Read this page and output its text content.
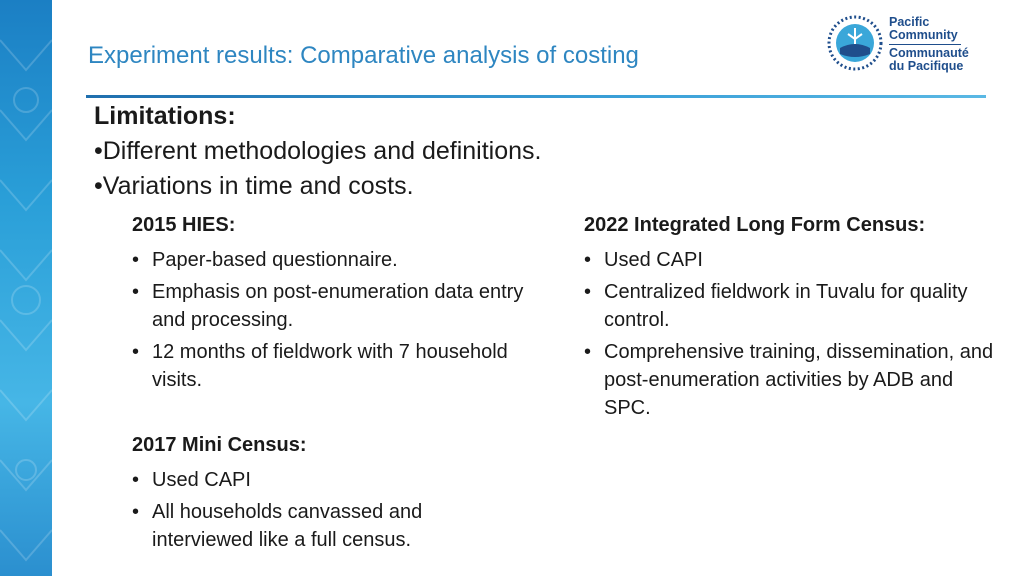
Experiment results: Comparative analysis of costing
Pacific
Community
Communauté
du Pacifique
Limitations:
•Different methodologies and definitions.
•Variations in time and costs.
2015 HIES:
• Paper-based questionnaire.
• Emphasis on post-enumeration data entry and processing.
• 12 months of fieldwork with 7 household visits.
2017 Mini Census:
• Used CAPI
• All households canvassed and interviewed like a full census.
2022 Integrated Long Form Census:
• Used CAPI
• Centralized fieldwork in Tuvalu for quality control.
• Comprehensive training, dissemination, and post-enumeration activities by ADB and SPC.
